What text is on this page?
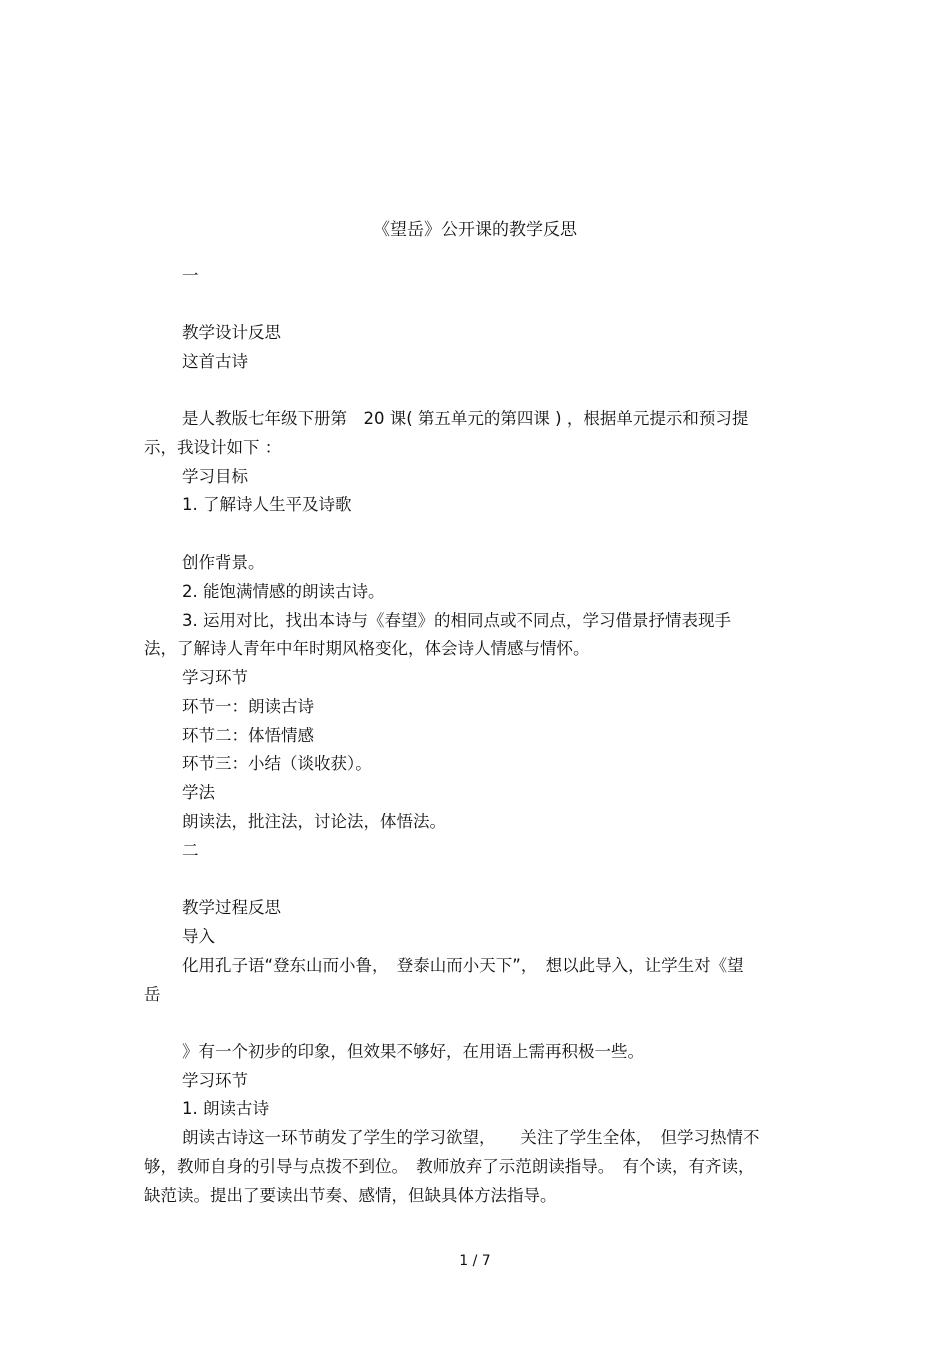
《望岳》公开课的教学反思
一
教学设计反思
这首古诗
是人教版七年级下册第　20 课( 第五单元的第四课 ) ，根据单元提示和预习提
示，我设计如下 ：
学习目标
1. 了解诗人生平及诗歌
创作背景。
2. 能饱满情感的朗读古诗。
3. 运用对比，找出本诗与《春望》的相同点或不同点，学习借景抒情表现手
法，了解诗人青年中年时期风格变化，体会诗人情感与情怀。
学习环节
环节一：朗读古诗
环节二：体悟情感
环节三：小结（谈收获）。
学法
朗读法，批注法，讨论法，体悟法。
二
教学过程反思
导入
化用孔子语“登东山而小鲁，　登泰山而小天下”，　想以此导入，让学生对《望
岳
》有一个初步的印象，但效果不够好，在用语上需再积极一些。
学习环节
1. 朗读古诗
朗读古诗这一环节萌发了学生的学习欲望，　　关注了学生全体，　但学习热情不
够，教师自身的引导与点拨不到位。　教师放弃了示范朗读指导。　有个读，有齐读，
缺范读。提出了要读出节奏、感情，但缺具体方法指导。
1 / 7
